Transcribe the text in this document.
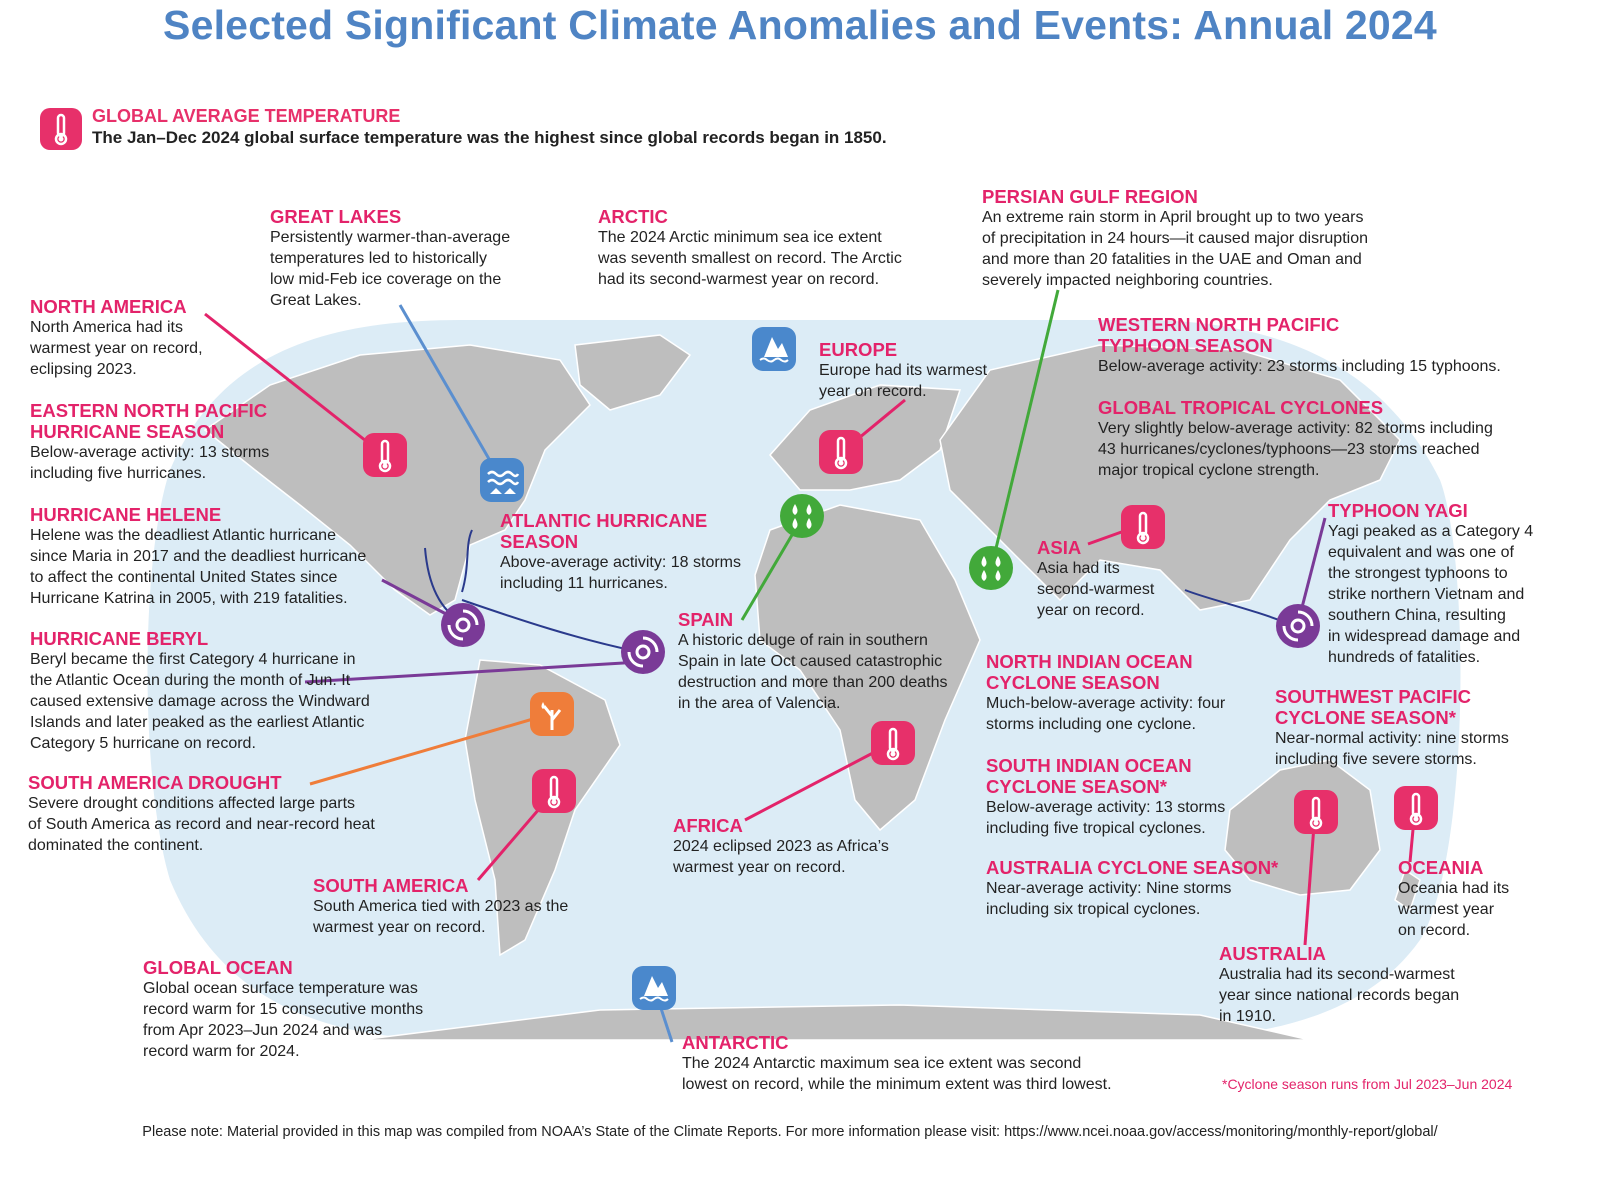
Selected Significant Climate Anomalies and Events: Annual 2024
GLOBAL AVERAGE TEMPERATURE
The Jan–Dec 2024 global surface temperature was the highest since global records began in 1850.
NORTH AMERICA
North America had its
warmest year on record,
eclipsing 2023.
GREAT LAKES
Persistently warmer-than-average
temperatures led to historically
low mid-Feb ice coverage on the
Great Lakes.
ARCTIC
The 2024 Arctic minimum sea ice extent
was seventh smallest on record. The Arctic
had its second-warmest year on record.
PERSIAN GULF REGION
An extreme rain storm in April brought up to two years
of precipitation in 24 hours—it caused major disruption
and more than 20 fatalities in the UAE and Oman and
severely impacted neighboring countries.
WESTERN NORTH PACIFIC
TYPHOON SEASON
Below-average activity: 23 storms including 15 typhoons.
GLOBAL TROPICAL CYCLONES
Very slightly below-average activity: 82 storms including
43 hurricanes/cyclones/typhoons—23 storms reached
major tropical cyclone strength.
EUROPE
Europe had its warmest
year on record.
EASTERN NORTH PACIFIC
HURRICANE SEASON
Below-average activity: 13 storms
including five hurricanes.
HURRICANE HELENE
Helene was the deadliest Atlantic hurricane
since Maria in 2017 and the deadliest hurricane
to affect the continental United States since
Hurricane Katrina in 2005, with 219 fatalities.
ATLANTIC HURRICANE
SEASON
Above-average activity: 18 storms
including 11 hurricanes.
ASIA
Asia had its
second-warmest
year on record.
TYPHOON YAGI
Yagi peaked as a Category 4
equivalent and was one of
the strongest typhoons to
strike northern Vietnam and
southern China, resulting
in widespread damage and
hundreds of fatalities.
SPAIN
A historic deluge of rain in southern
Spain in late Oct caused catastrophic
destruction and more than 200 deaths
in the area of Valencia.
HURRICANE BERYL
Beryl became the first Category 4 hurricane in
the Atlantic Ocean during the month of Jun. It
caused extensive damage across the Windward
Islands and later peaked as the earliest Atlantic
Category 5 hurricane on record.
NORTH INDIAN OCEAN
CYCLONE SEASON
Much-below-average activity: four
storms including one cyclone.
SOUTHWEST PACIFIC
CYCLONE SEASON*
Near-normal activity: nine storms
including five severe storms.
SOUTH AMERICA DROUGHT
Severe drought conditions affected large parts
of South America as record and near-record heat
dominated the continent.
SOUTH INDIAN OCEAN
CYCLONE SEASON*
Below-average activity: 13 storms
including five tropical cyclones.
AFRICA
2024 eclipsed 2023 as Africa’s
warmest year on record.	AUSTRALIA CYCLONE SEASON*
Near-average activity: Nine storms
including six tropical cyclones.
OCEANIA
Oceania had its
warmest year
on record.
SOUTH AMERICA
South America tied with 2023 as the
warmest year on record.
AUSTRALIA
Australia had its second-warmest
year since national records began
in 1910.
GLOBAL OCEAN
Global ocean surface temperature was
record warm for 15 consecutive months
from Apr 2023–Jun 2024 and was
record warm for 2024.	ANTARCTIC
The 2024 Antarctic maximum sea ice extent was second
lowest on record, while the minimum extent was third lowest.	*Cyclone season runs from Jul 2023–Jun 2024
Please note: Material provided in this map was compiled from NOAA’s State of the Climate Reports. For more information please visit: https://www.ncei.noaa.gov/access/monitoring/monthly-report/global/
